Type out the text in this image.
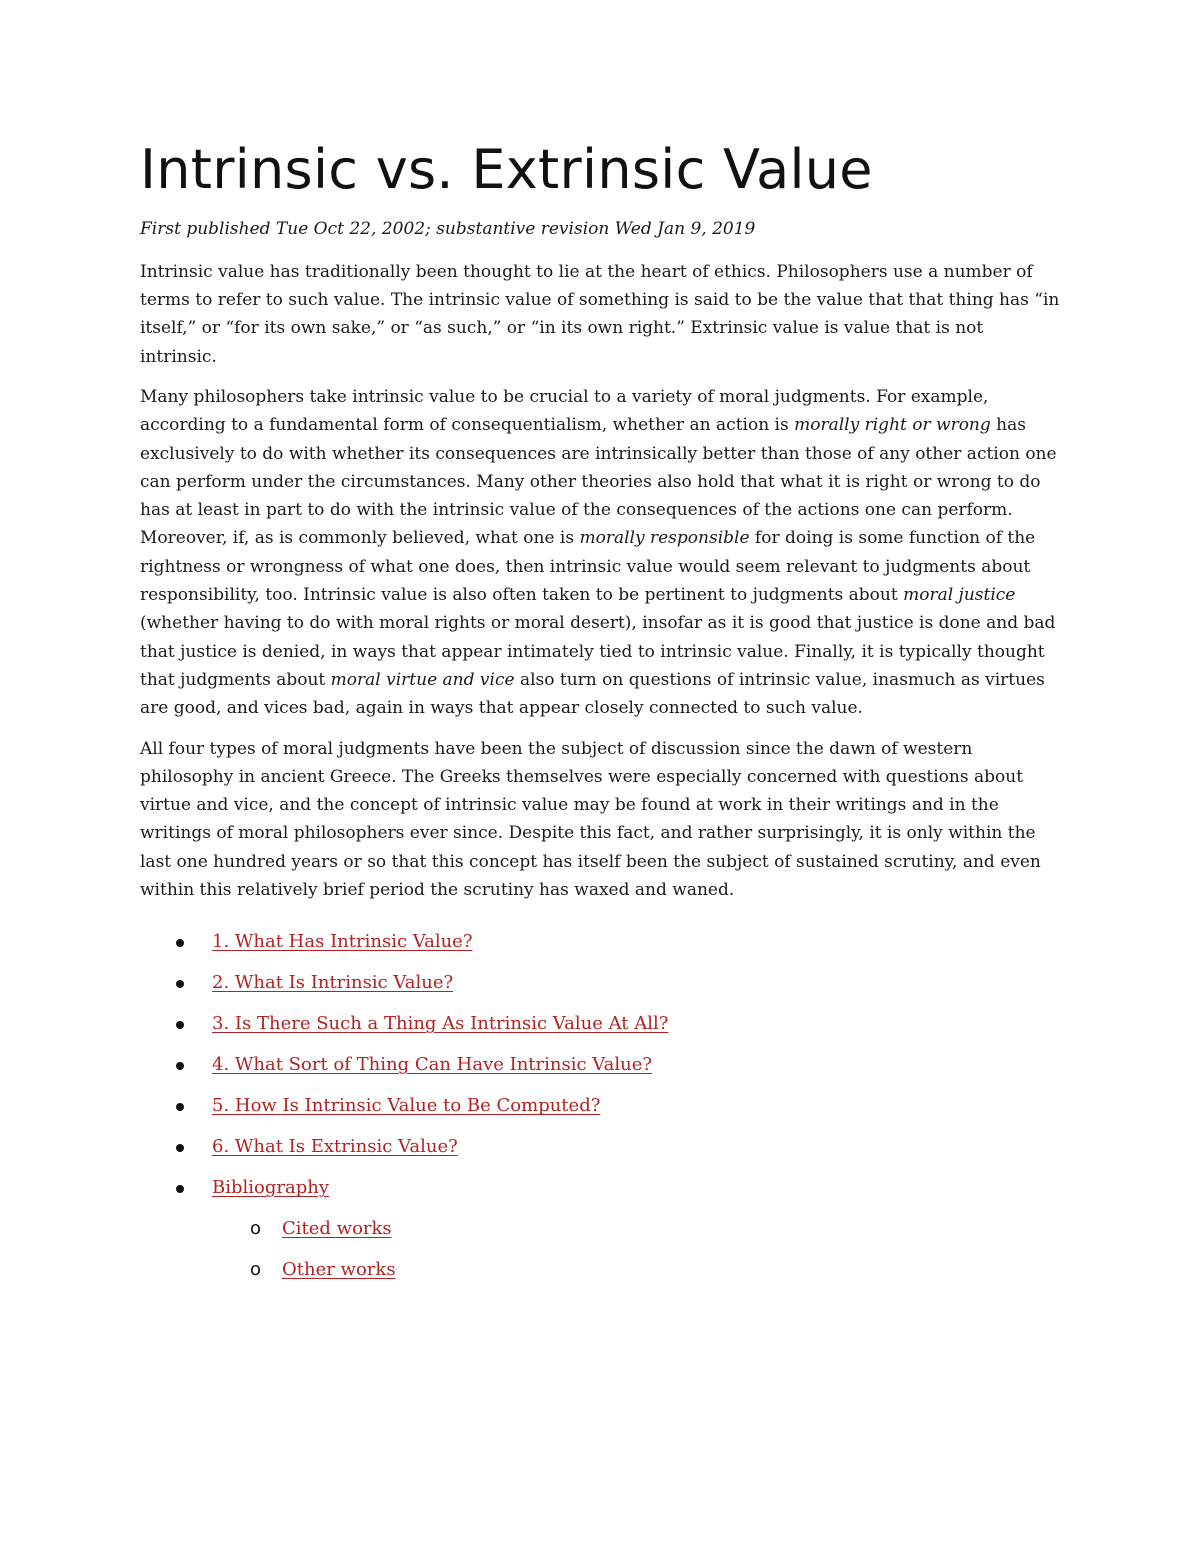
Intrinsic vs. Extrinsic Value

First published Tue Oct 22, 2002; substantive revision Wed Jan 9, 2019

Intrinsic value has traditionally been thought to lie at the heart of ethics. Philosophers use a number of terms to refer to such value. The intrinsic value of something is said to be the value that that thing has “in itself,” or “for its own sake,” or “as such,” or “in its own right.” Extrinsic value is value that is not intrinsic.

Many philosophers take intrinsic value to be crucial to a variety of moral judgments. For example, according to a fundamental form of consequentialism, whether an action is morally right or wrong has exclusively to do with whether its consequences are intrinsically better than those of any other action one can perform under the circumstances. Many other theories also hold that what it is right or wrong to do has at least in part to do with the intrinsic value of the consequences of the actions one can perform. Moreover, if, as is commonly believed, what one is morally responsible for doing is some function of the rightness or wrongness of what one does, then intrinsic value would seem relevant to judgments about responsibility, too. Intrinsic value is also often taken to be pertinent to judgments about moral justice (whether having to do with moral rights or moral desert), insofar as it is good that justice is done and bad that justice is denied, in ways that appear intimately tied to intrinsic value. Finally, it is typically thought that judgments about moral virtue and vice also turn on questions of intrinsic value, inasmuch as virtues are good, and vices bad, again in ways that appear closely connected to such value.

All four types of moral judgments have been the subject of discussion since the dawn of western philosophy in ancient Greece. The Greeks themselves were especially concerned with questions about virtue and vice, and the concept of intrinsic value may be found at work in their writings and in the writings of moral philosophers ever since. Despite this fact, and rather surprisingly, it is only within the last one hundred years or so that this concept has itself been the subject of sustained scrutiny, and even within this relatively brief period the scrutiny has waxed and waned.

1. What Has Intrinsic Value?
2. What Is Intrinsic Value?
3. Is There Such a Thing As Intrinsic Value At All?
4. What Sort of Thing Can Have Intrinsic Value?
5. How Is Intrinsic Value to Be Computed?
6. What Is Extrinsic Value?
Bibliography
o Cited works
o Other works
